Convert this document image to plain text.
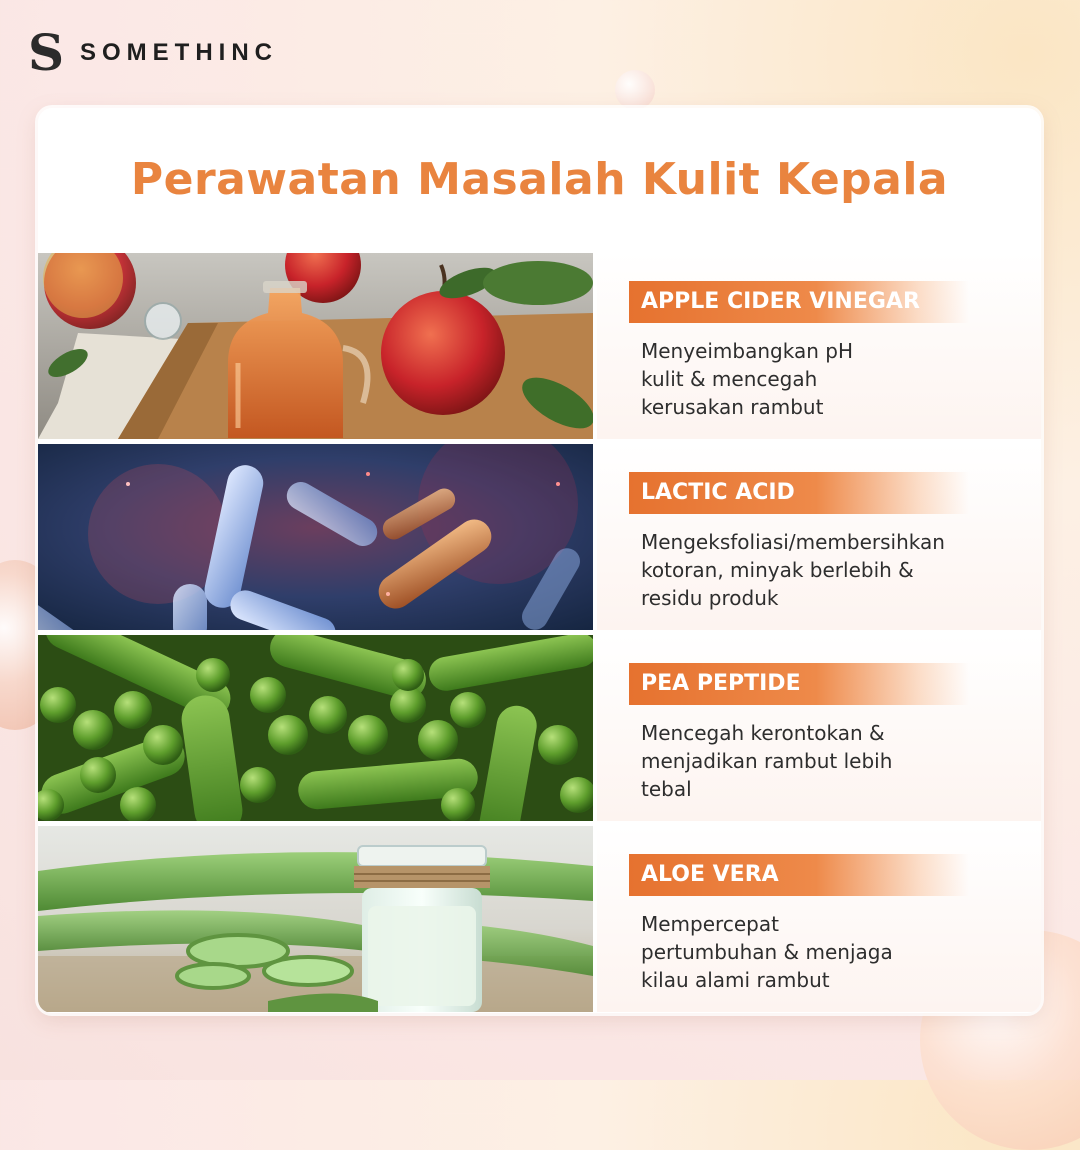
S SOMETHINC
Perawatan Masalah Kulit Kepala
APPLE CIDER VINEGAR
Menyeimbangkan pH
kulit & mencegah
kerusakan rambut
LACTIC ACID
Mengeksfoliasi/membersihkan
kotoran, minyak berlebih &
residu produk
PEA PEPTIDE
Mencegah kerontokan &
menjadikan rambut lebih
tebal
ALOE VERA
Mempercepat
pertumbuhan & menjaga
kilau alami rambut
